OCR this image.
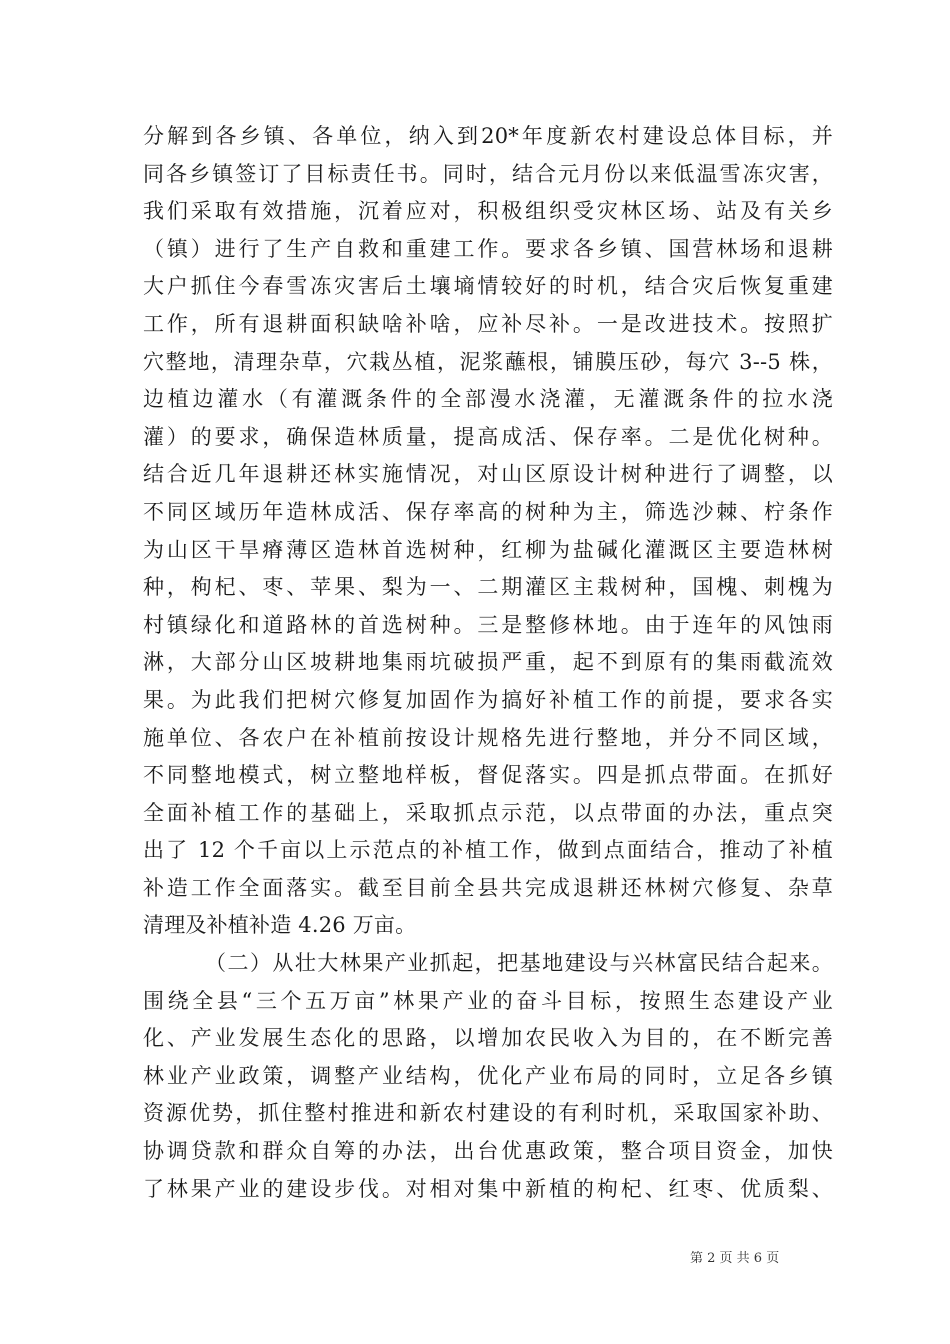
分解到各乡镇、各单位，纳入到20*年度新农村建设总体目标，并
同各乡镇签订了目标责任书。同时，结合元月份以来低温雪冻灾害，
我们采取有效措施，沉着应对，积极组织受灾林区场、站及有关乡
（镇）进行了生产自救和重建工作。要求各乡镇、国营林场和退耕
大户抓住今春雪冻灾害后土壤墒情较好的时机，结合灾后恢复重建
工作，所有退耕面积缺啥补啥，应补尽补。一是改进技术。按照扩
穴整地，清理杂草，穴栽丛植，泥浆蘸根，铺膜压砂，每穴 3--5 株，
边植边灌水（有灌溉条件的全部漫水浇灌，无灌溉条件的拉水浇
灌）的要求，确保造林质量，提高成活、保存率。二是优化树种。
结合近几年退耕还林实施情况，对山区原设计树种进行了调整，以
不同区域历年造林成活、保存率高的树种为主，筛选沙棘、柠条作
为山区干旱瘠薄区造林首选树种，红柳为盐碱化灌溉区主要造林树
种，枸杞、枣、苹果、梨为一、二期灌区主栽树种，国槐、刺槐为
村镇绿化和道路林的首选树种。三是整修林地。由于连年的风蚀雨
淋，大部分山区坡耕地集雨坑破损严重，起不到原有的集雨截流效
果。为此我们把树穴修复加固作为搞好补植工作的前提，要求各实
施单位、各农户在补植前按设计规格先进行整地，并分不同区域，
不同整地模式，树立整地样板，督促落实。四是抓点带面。在抓好
全面补植工作的基础上，采取抓点示范，以点带面的办法，重点突
出了 12 个千亩以上示范点的补植工作，做到点面结合，推动了补植
补造工作全面落实。截至目前全县共完成退耕还林树穴修复、杂草
清理及补植补造 4.26 万亩。
（二）从壮大林果产业抓起，把基地建设与兴林富民结合起来。
围绕全县“三个五万亩”林果产业的奋斗目标，按照生态建设产业
化、产业发展生态化的思路，以增加农民收入为目的，在不断完善
林业产业政策，调整产业结构，优化产业布局的同时，立足各乡镇
资源优势，抓住整村推进和新农村建设的有利时机，采取国家补助、
协调贷款和群众自筹的办法，出台优惠政策，整合项目资金，加快
了林果产业的建设步伐。对相对集中新植的枸杞、红枣、优质梨、
第 2 页 共 6 页
